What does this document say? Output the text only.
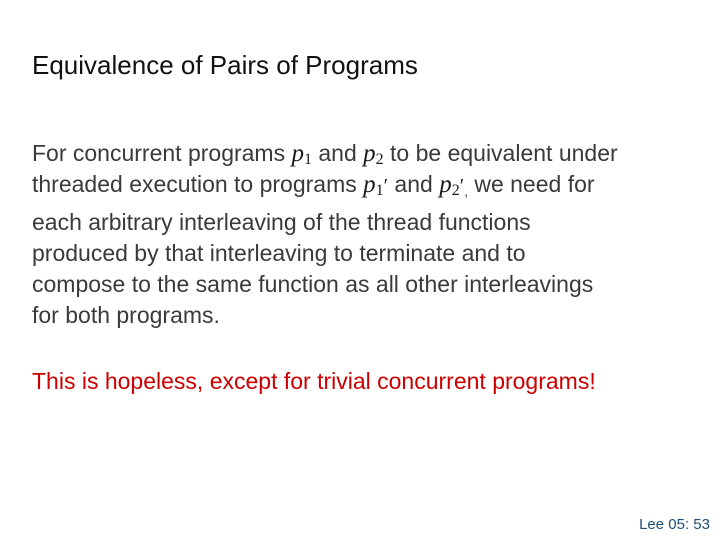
Equivalence of Pairs of Programs
For concurrent programs $p_1$ and $p_2$ to be equivalent under
threaded execution to programs $p_1'$ and $p_2'$, we need for
each arbitrary interleaving of the thread functions
produced by that interleaving to terminate and to
compose to the same function as all other interleavings
for both programs.
This is hopeless, except for trivial concurrent programs!
Lee 05: 53
